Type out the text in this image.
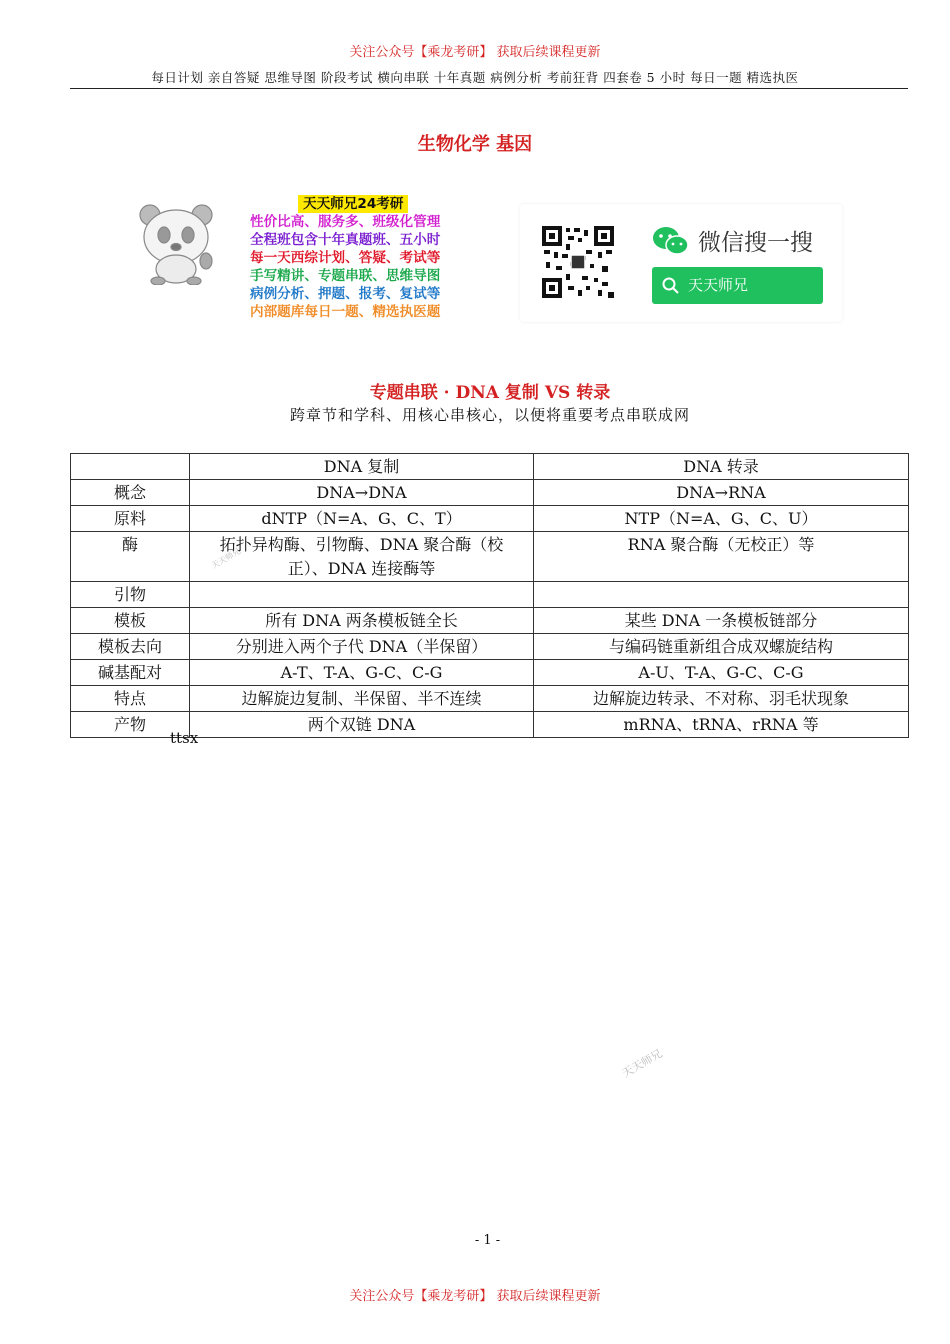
关注公众号【乘龙考研】 获取后续课程更新
每日计划 亲自答疑 思维导图 阶段考试 横向串联 十年真题 病例分析 考前狂背 四套卷 5 小时 每日一题 精选执医
生物化学 基因
天天师兄24考研
性价比高、服务多、班级化管理
全程班包含十年真题班、五小时
每一天西综计划、答疑、考试等
手写精讲、专题串联、思维导图
病例分析、押题、报考、复试等
内部题库每日一题、精选执医题
微信搜一搜
天天师兄
专题串联 · DNA 复制 VS 转录
跨章节和学科、用核心串核心，以便将重要考点串联成网
	DNA 复制	DNA 转录
概念	DNA→DNA	DNA→RNA
原料	dNTP（N=A、G、C、T）	NTP（N=A、G、C、U）
酶	拓扑异构酶、引物酶、DNA 聚合酶（校正）、DNA 连接酶等	RNA 聚合酶（无校正）等
引物		
模板	所有 DNA 两条模板链全长	某些 DNA 一条模板链部分
模板去向	分别进入两个子代 DNA（半保留）	与编码链重新组合成双螺旋结构
碱基配对	A-T、T-A、G-C、C-G	A-U、T-A、G-C、C-G
特点	边解旋边复制、半保留、半不连续	边解旋边转录、不对称、羽毛状现象
产物	两个双链 DNA	mRNA、tRNA、rRNA 等
ttsx
天天师兄
天天师兄
- 1 -
关注公众号【乘龙考研】 获取后续课程更新
